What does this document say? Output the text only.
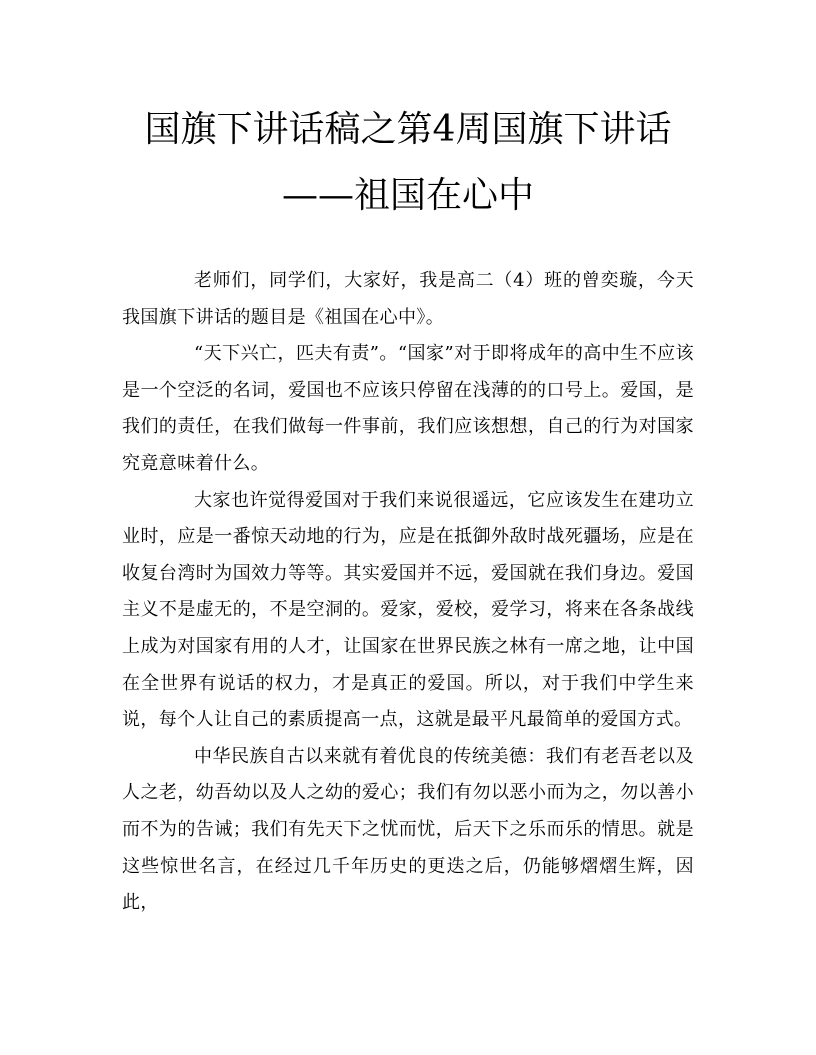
国旗下讲话稿之第4周国旗下讲话
——祖国在心中

老师们，同学们，大家好，我是高二（4）班的曾奕璇，今天我国旗下讲话的题目是《祖国在心中》。

“天下兴亡，匹夫有责”。“国家”对于即将成年的高中生不应该是一个空泛的名词，爱国也不应该只停留在浅薄的的口号上。爱国，是我们的责任，在我们做每一件事前，我们应该想想，自己的行为对国家究竟意味着什么。

大家也许觉得爱国对于我们来说很遥远，它应该发生在建功立业时，应是一番惊天动地的行为，应是在抵御外敌时战死疆场，应是在收复台湾时为国效力等等。其实爱国并不远，爱国就在我们身边。爱国主义不是虚无的，不是空洞的。爱家，爱校，爱学习，将来在各条战线上成为对国家有用的人才，让国家在世界民族之林有一席之地，让中国在全世界有说话的权力，才是真正的爱国。所以，对于我们中学生来说，每个人让自己的素质提高一点，这就是最平凡最简单的爱国方式。

中华民族自古以来就有着优良的传统美德：我们有老吾老以及人之老，幼吾幼以及人之幼的爱心；我们有勿以恶小而为之，勿以善小而不为的告诫；我们有先天下之忧而忧，后天下之乐而乐的情思。就是这些惊世名言，在经过几千年历史的更迭之后，仍能够熠熠生辉，因此，
